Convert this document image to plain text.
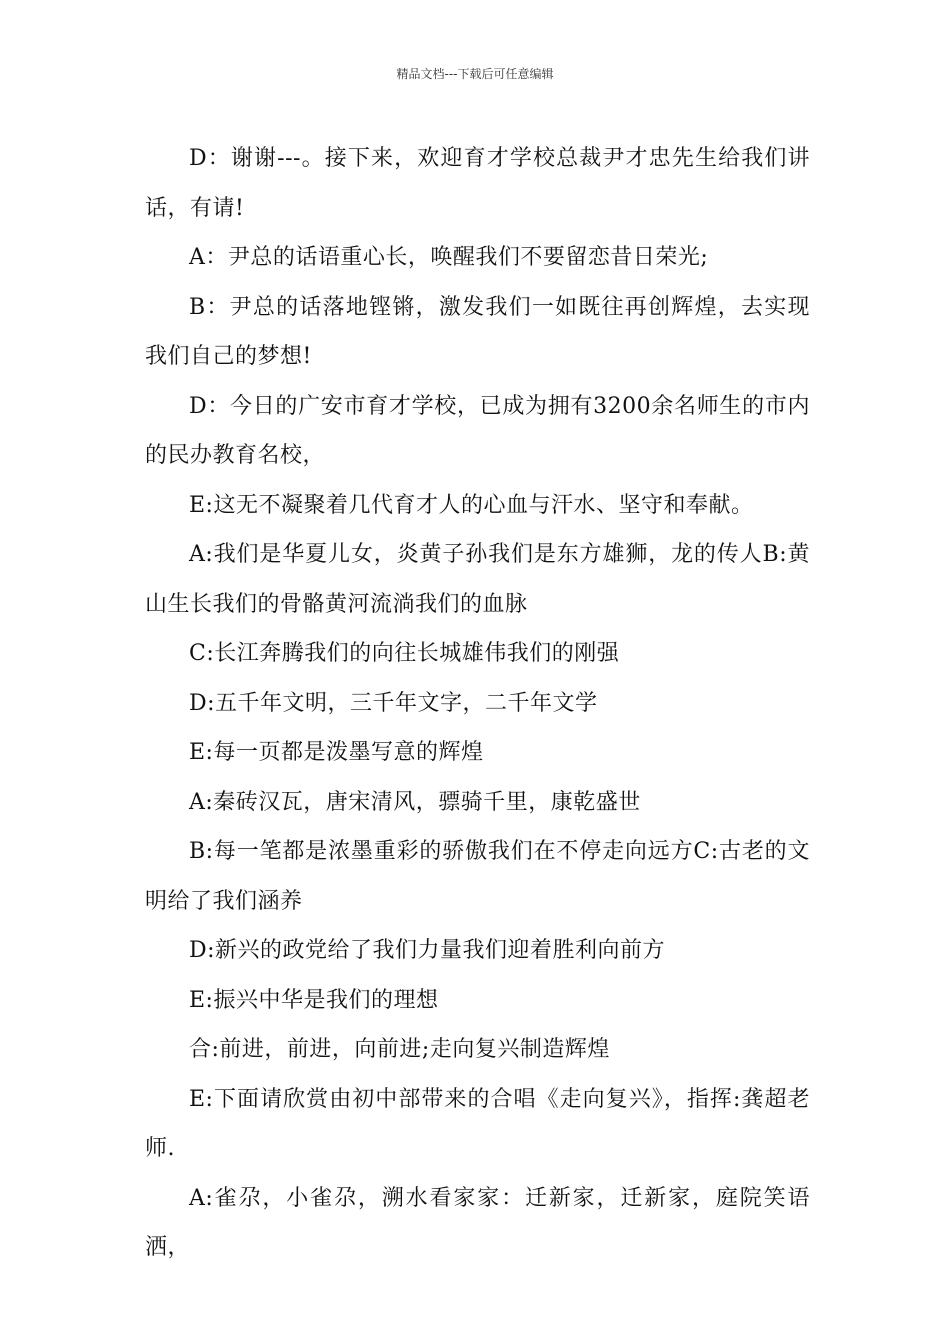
精品文档---下载后可任意编辑

D：谢谢---。接下来，欢迎育才学校总裁尹才忠先生给我们讲话，有请!

A：尹总的话语重心长，唤醒我们不要留恋昔日荣光;

B：尹总的话落地铿锵，激发我们一如既往再创辉煌，去实现我们自己的梦想!

D：今日的广安市育才学校，已成为拥有3200余名师生的市内的民办教育名校，

E:这无不凝聚着几代育才人的心血与汗水、坚守和奉献。

A:我们是华夏儿女，炎黄子孙我们是东方雄狮，龙的传人B:黄山生长我们的骨骼黄河流淌我们的血脉

C:长江奔腾我们的向往长城雄伟我们的刚强

D:五千年文明，三千年文字，二千年文学

E:每一页都是泼墨写意的辉煌

A:秦砖汉瓦，唐宋清风，骠骑千里，康乾盛世

B:每一笔都是浓墨重彩的骄傲我们在不停走向远方C:古老的文明给了我们涵养

D:新兴的政党给了我们力量我们迎着胜利向前方

E:振兴中华是我们的理想

合:前进，前进，向前进;走向复兴制造辉煌

E:下面请欣赏由初中部带来的合唱《走向复兴》，指挥:龚超老师.

A:雀尕，小雀尕，溯水看家家：迁新家，迁新家，庭院笑语洒，
